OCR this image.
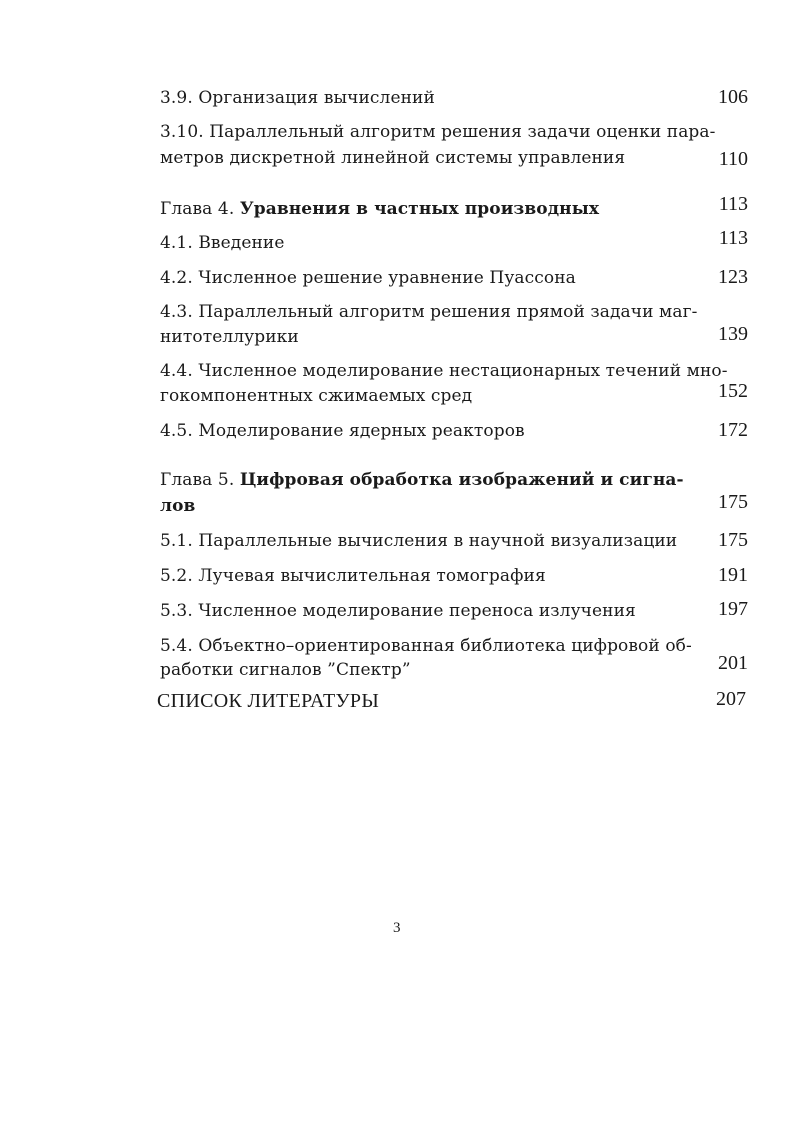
3.9. Организация вычислений	106
3.10. Параллельный алгоритм решения задачи оценки пара-
метров дискретной линейной системы управления	110
Глава 4. Уравнения в частных производных	113
4.1. Введение	113
4.2. Численное решение уравнение Пуассона	123
4.3. Параллельный алгоритм решения прямой задачи маг-
нитотеллурики	139
4.4. Численное моделирование нестационарных течений мно-
гокомпонентных сжимаемых сред	152
4.5. Моделирование ядерных реакторов	172
Глава 5. Цифровая обработка изображений и сигна-
лов	175
5.1. Параллельные вычисления в научной визуализации 175
5.2. Лучевая вычислительная томография	191
5.3. Численное моделирование переноса излучения	197
5.4. Объектно–ориентированная библиотека цифровой об-
работки сигналов ”Спектр”	201
СПИСОК ЛИТЕРАТУРЫ	207
3
